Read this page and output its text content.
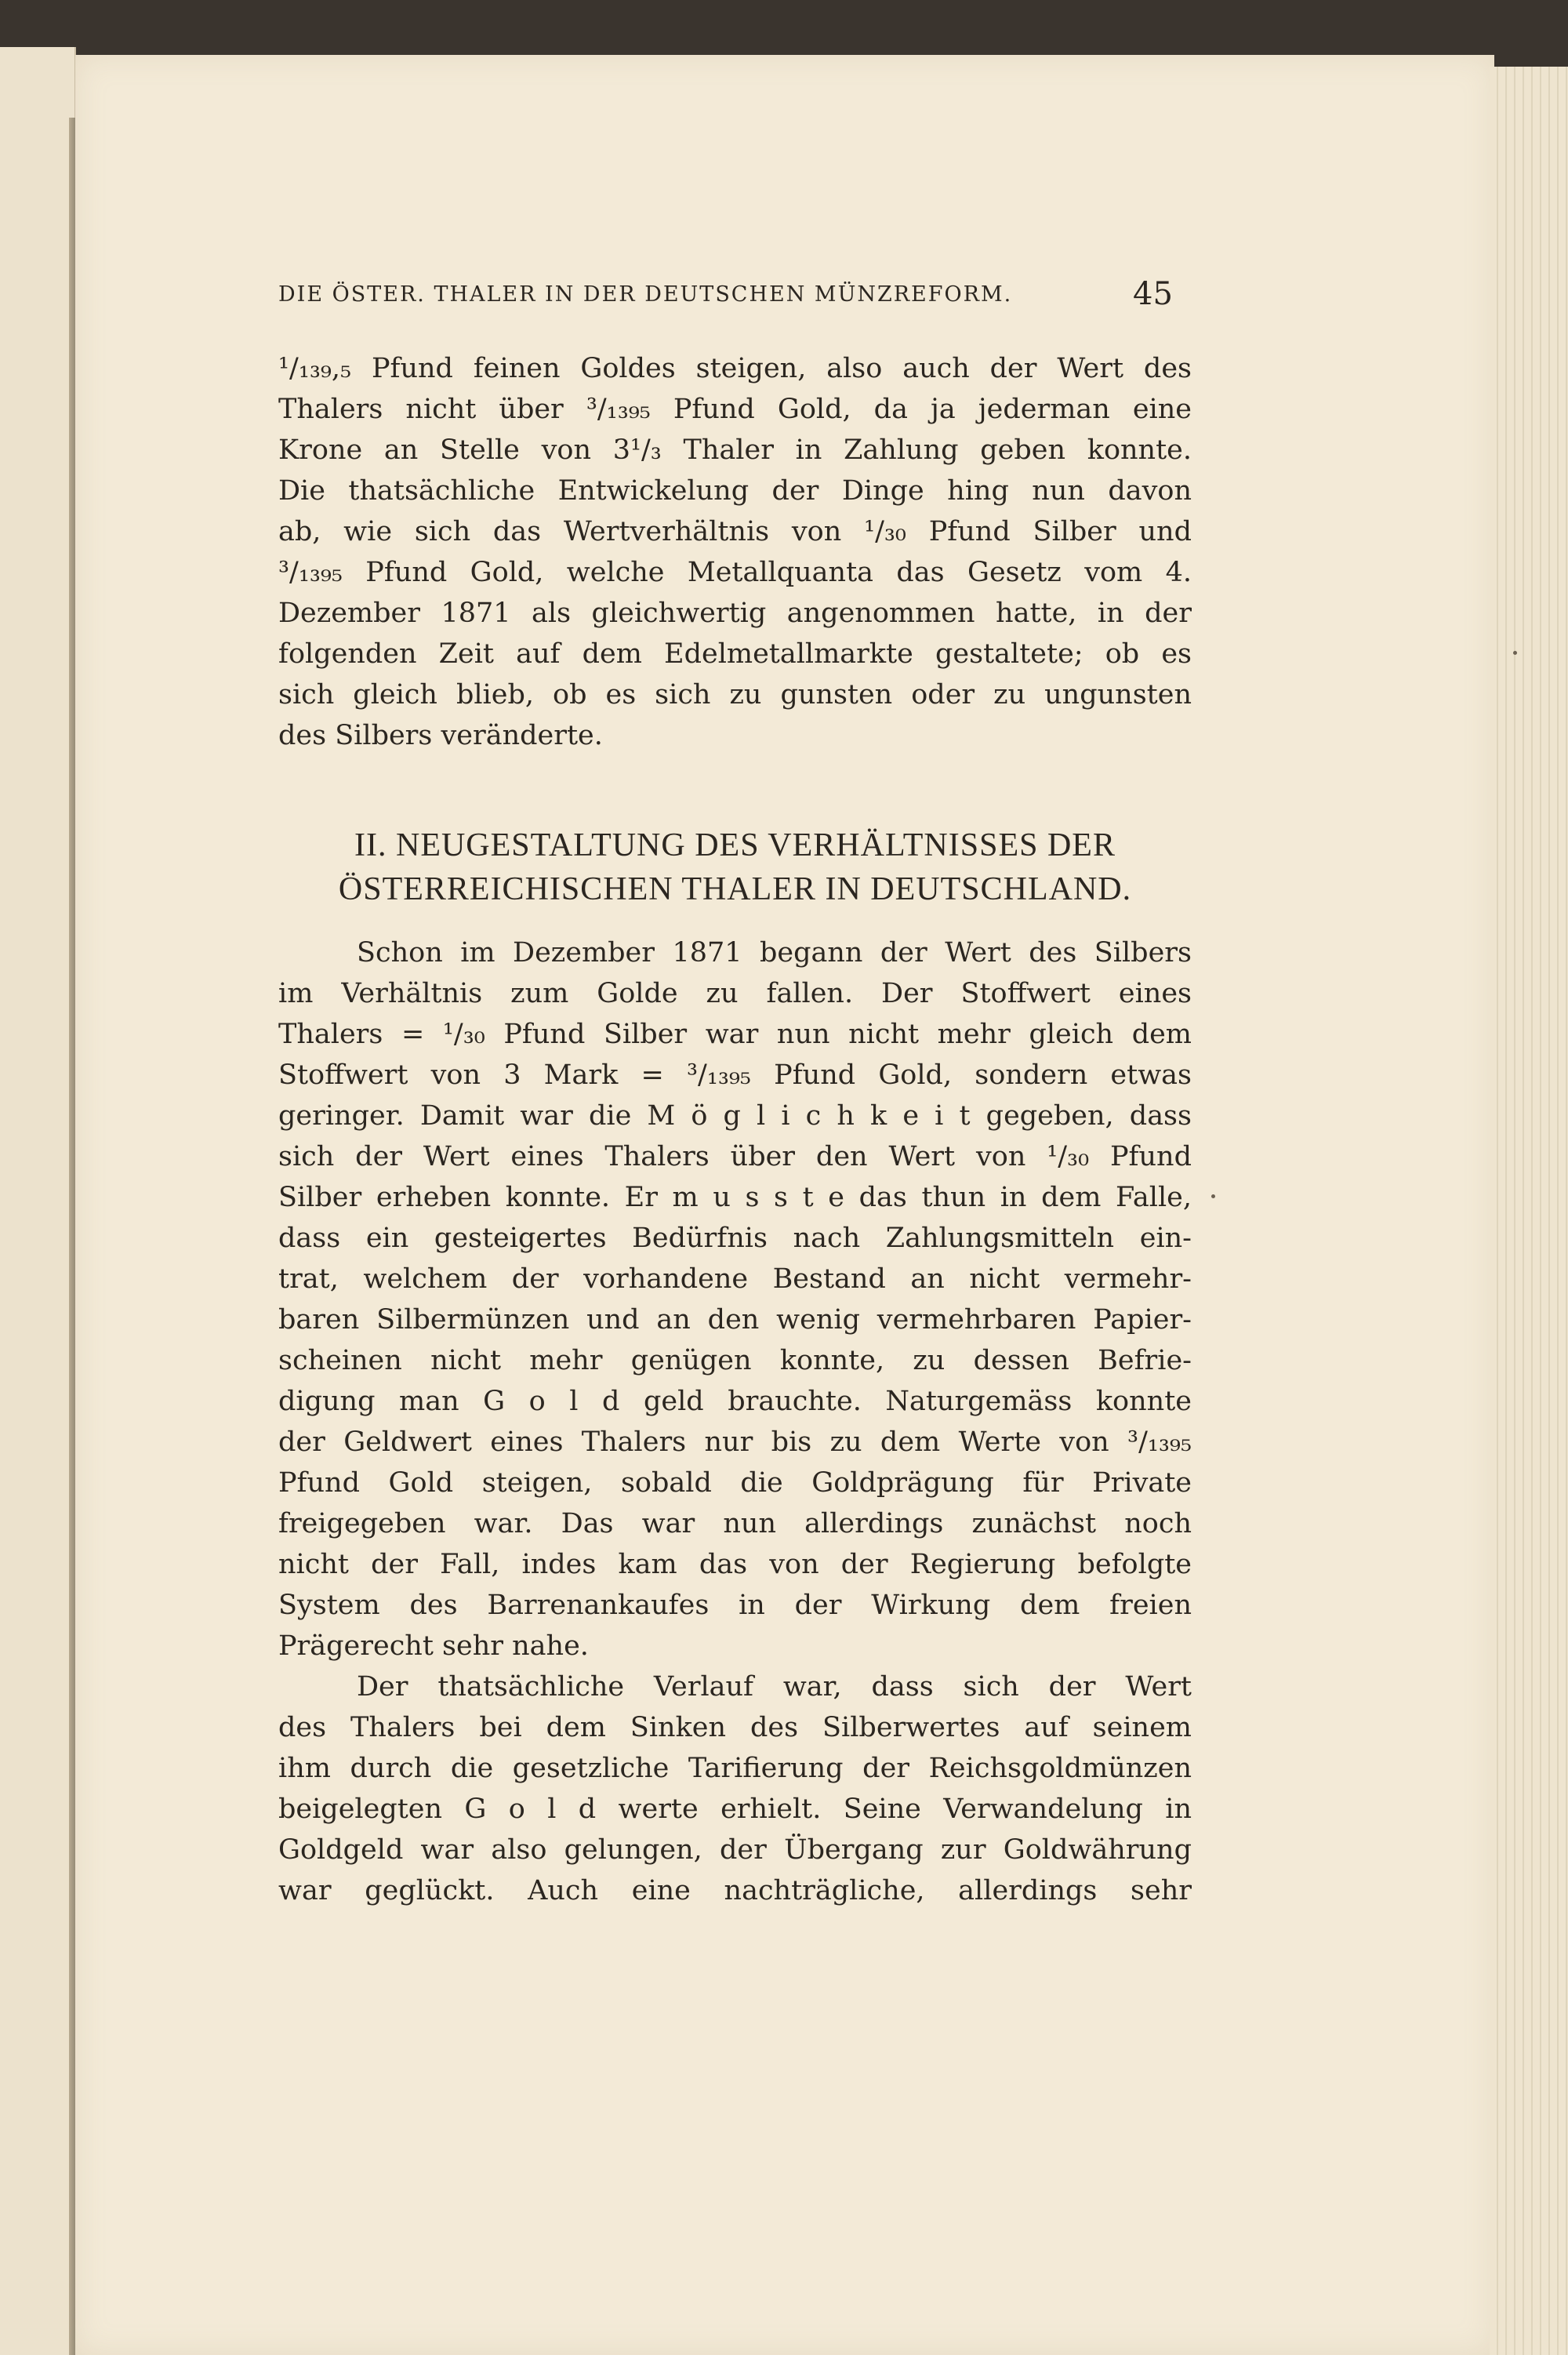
DIE ÖSTER. THALER IN DER DEUTSCHEN MÜNZREFORM.	45
¹/₁₃₉,₅ Pfund feinen Goldes steigen, also auch der Wert des
Thalers nicht über ³/₁₃₉₅ Pfund Gold, da ja jederman eine
Krone an Stelle von 3¹/₃ Thaler in Zahlung geben konnte.
Die thatsächliche Entwickelung der Dinge hing nun davon
ab, wie sich das Wertverhältnis von ¹/₃₀ Pfund Silber und
³/₁₃₉₅ Pfund Gold, welche Metallquanta das Gesetz vom 4.
Dezember 1871 als gleichwertig angenommen hatte, in der
folgenden Zeit auf dem Edelmetallmarkte gestaltete; ob es
sich gleich blieb, ob es sich zu gunsten oder zu ungunsten
des Silbers veränderte.
II. NEUGESTALTUNG DES VERHÄLTNISSES DER
ÖSTERREICHISCHEN THALER IN DEUTSCHLAND.
Schon im Dezember 1871 begann der Wert des Silbers
im Verhältnis zum Golde zu fallen. Der Stoffwert eines
Thalers = ¹/₃₀ Pfund Silber war nun nicht mehr gleich dem
Stoffwert von 3 Mark = ³/₁₃₉₅ Pfund Gold, sondern etwas
geringer. Damit war die M ö g l i c h k e i t gegeben, dass
sich der Wert eines Thalers über den Wert von ¹/₃₀ Pfund
Silber erheben konnte. Er m u s s t e das thun in dem Falle,
dass ein gesteigertes Bedürfnis nach Zahlungsmitteln ein-
trat, welchem der vorhandene Bestand an nicht vermehr-
baren Silbermünzen und an den wenig vermehrbaren Papier-
scheinen nicht mehr genügen konnte, zu dessen Befrie-
digung man G o l d geld brauchte. Naturgemäss konnte
der Geldwert eines Thalers nur bis zu dem Werte von ³/₁₃₉₅
Pfund Gold steigen, sobald die Goldprägung für Private
freigegeben war. Das war nun allerdings zunächst noch
nicht der Fall, indes kam das von der Regierung befolgte
System des Barrenankaufes in der Wirkung dem freien
Prägerecht sehr nahe.
Der thatsächliche Verlauf war, dass sich der Wert
des Thalers bei dem Sinken des Silberwertes auf seinem
ihm durch die gesetzliche Tarifierung der Reichsgoldmünzen
beigelegten G o l d werte erhielt. Seine Verwandelung in
Goldgeld war also gelungen, der Übergang zur Goldwährung
war geglückt. Auch eine nachträgliche, allerdings sehr
